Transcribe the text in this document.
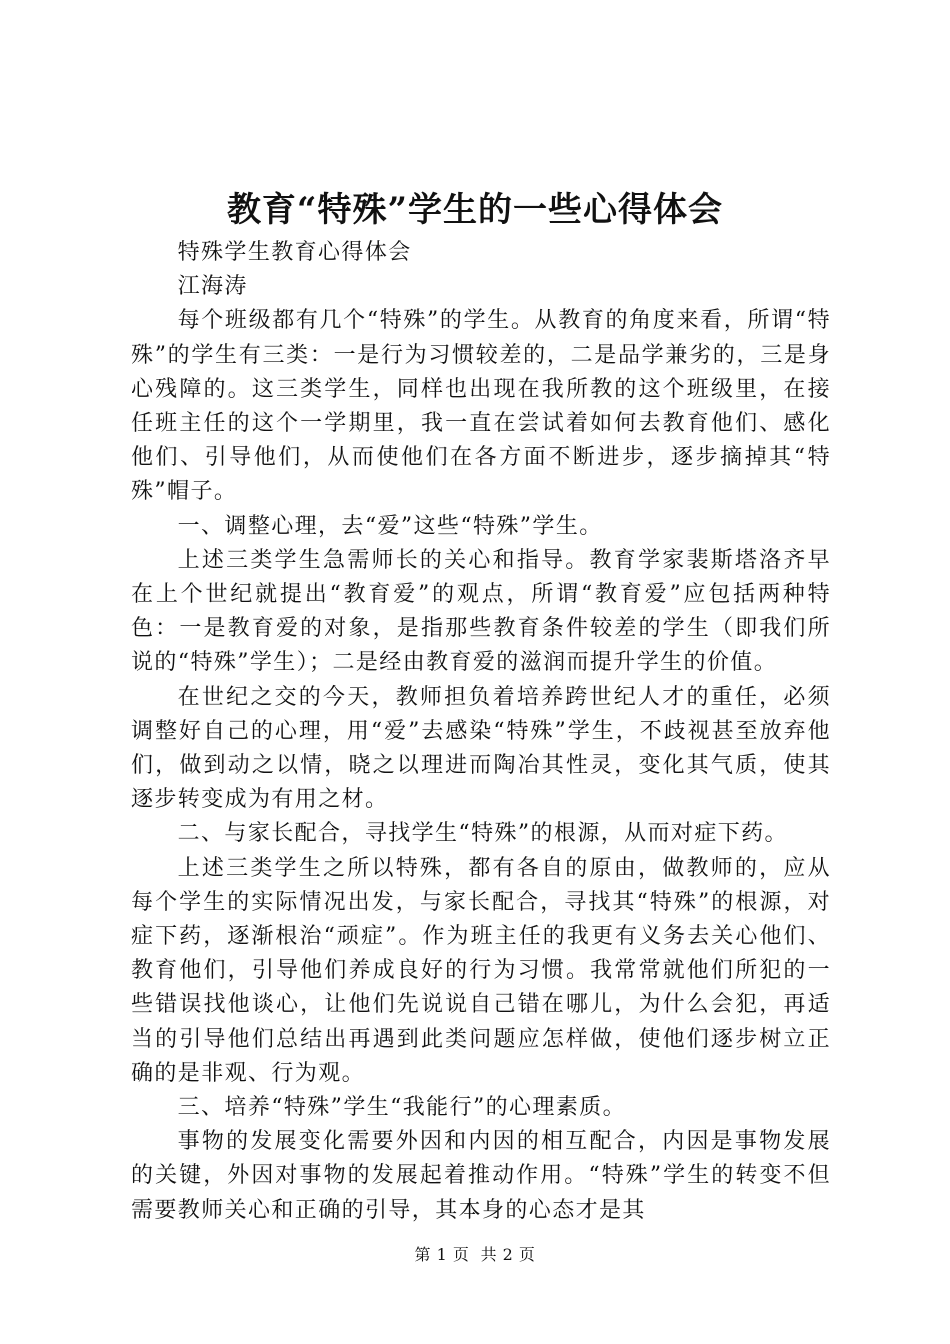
教育“特殊”学生的一些心得体会

特殊学生教育心得体会

江海涛

每个班级都有几个“特殊”的学生。从教育的角度来看，所谓“特殊”的学生有三类：一是行为习惯较差的，二是品学兼劣的，三是身心残障的。这三类学生，同样也出现在我所教的这个班级里，在接任班主任的这个一学期里，我一直在尝试着如何去教育他们、感化他们、引导他们，从而使他们在各方面不断进步，逐步摘掉其“特殊”帽子。

一、调整心理，去“爱”这些“特殊”学生。

上述三类学生急需师长的关心和指导。教育学家裴斯塔洛齐早在上个世纪就提出“教育爱”的观点，所谓“教育爱”应包括两种特色：一是教育爱的对象，是指那些教育条件较差的学生（即我们所说的“特殊”学生）；二是经由教育爱的滋润而提升学生的价值。

在世纪之交的今天，教师担负着培养跨世纪人才的重任，必须调整好自己的心理，用“爱”去感染“特殊”学生，不歧视甚至放弃他们，做到动之以情，晓之以理进而陶冶其性灵，变化其气质，使其逐步转变成为有用之材。

二、与家长配合，寻找学生“特殊”的根源，从而对症下药。

上述三类学生之所以特殊，都有各自的原由，做教师的，应从每个学生的实际情况出发，与家长配合，寻找其“特殊”的根源，对症下药，逐渐根治“顽症”。作为班主任的我更有义务去关心他们、教育他们，引导他们养成良好的行为习惯。我常常就他们所犯的一些错误找他谈心，让他们先说说自己错在哪儿，为什么会犯，再适当的引导他们总结出再遇到此类问题应怎样做，使他们逐步树立正确的是非观、行为观。

三、培养“特殊”学生“我能行”的心理素质。

事物的发展变化需要外因和内因的相互配合，内因是事物发展的关键，外因对事物的发展起着推动作用。“特殊”学生的转变不但需要教师关心和正确的引导，其本身的心态才是其

第 1 页  共 2 页
